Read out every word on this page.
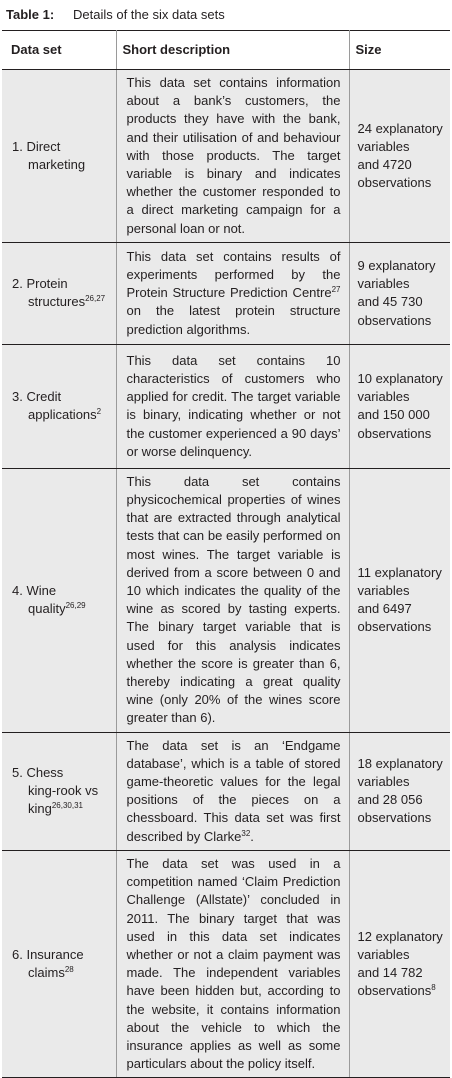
Table 1: Details of the six data sets
Data set	Short description	Size

1. Direct
marketing	This data set contains information about a bank’s customers, the products they have with the bank, and their utilisation of and behaviour with those products. The target variable is binary and indicates whether the customer responded to a direct marketing campaign for a personal loan or not.	24 explanatory variables
and 4720 observations

2. Protein
structures$^{26,27}$	This data set contains results of experiments performed by the Protein Structure Prediction Centre$^{27}$ on the latest protein structure prediction algorithms.	9 explanatory variables
and 45 730 observations

3. Credit
applications$^2$	This data set contains 10 characteristics of customers who applied for credit. The target variable is binary, indicating whether or not the customer experienced a 90 days’ or worse delinquency.	10 explanatory variables
and 150 000 observations

4. Wine
quality$^{26,29}$	This data set contains physicochemical properties of wines that are extracted through analytical tests that can be easily performed on most wines. The target variable is derived from a score between 0 and 10 which indicates the quality of the wine as scored by tasting experts. The binary target variable that is used for this analysis indicates whether the score is greater than 6, thereby indicating a great quality wine (only 20% of the wines score greater than 6).	11 explanatory variables
and 6497 observations

5. Chess
king-rook vs
king$^{26,30,31}$	The data set is an ‘Endgame database’, which is a table of stored game-theoretic values for the legal positions of the pieces on a chessboard. This data set was first described by Clarke$^{32}$.	18 explanatory variables
and 28 056 observations

6. Insurance
claims$^{28}$	The data set was used in a competition named ‘Claim Prediction Challenge (Allstate)’ concluded in 2011. The binary target that was used in this data set indicates whether or not a claim payment was made. The independent variables have been hidden but, according to the website, it contains information about the vehicle to which the insurance applies as well as some particulars about the policy itself.	12 explanatory variables
and 14 782 observations$^8$
